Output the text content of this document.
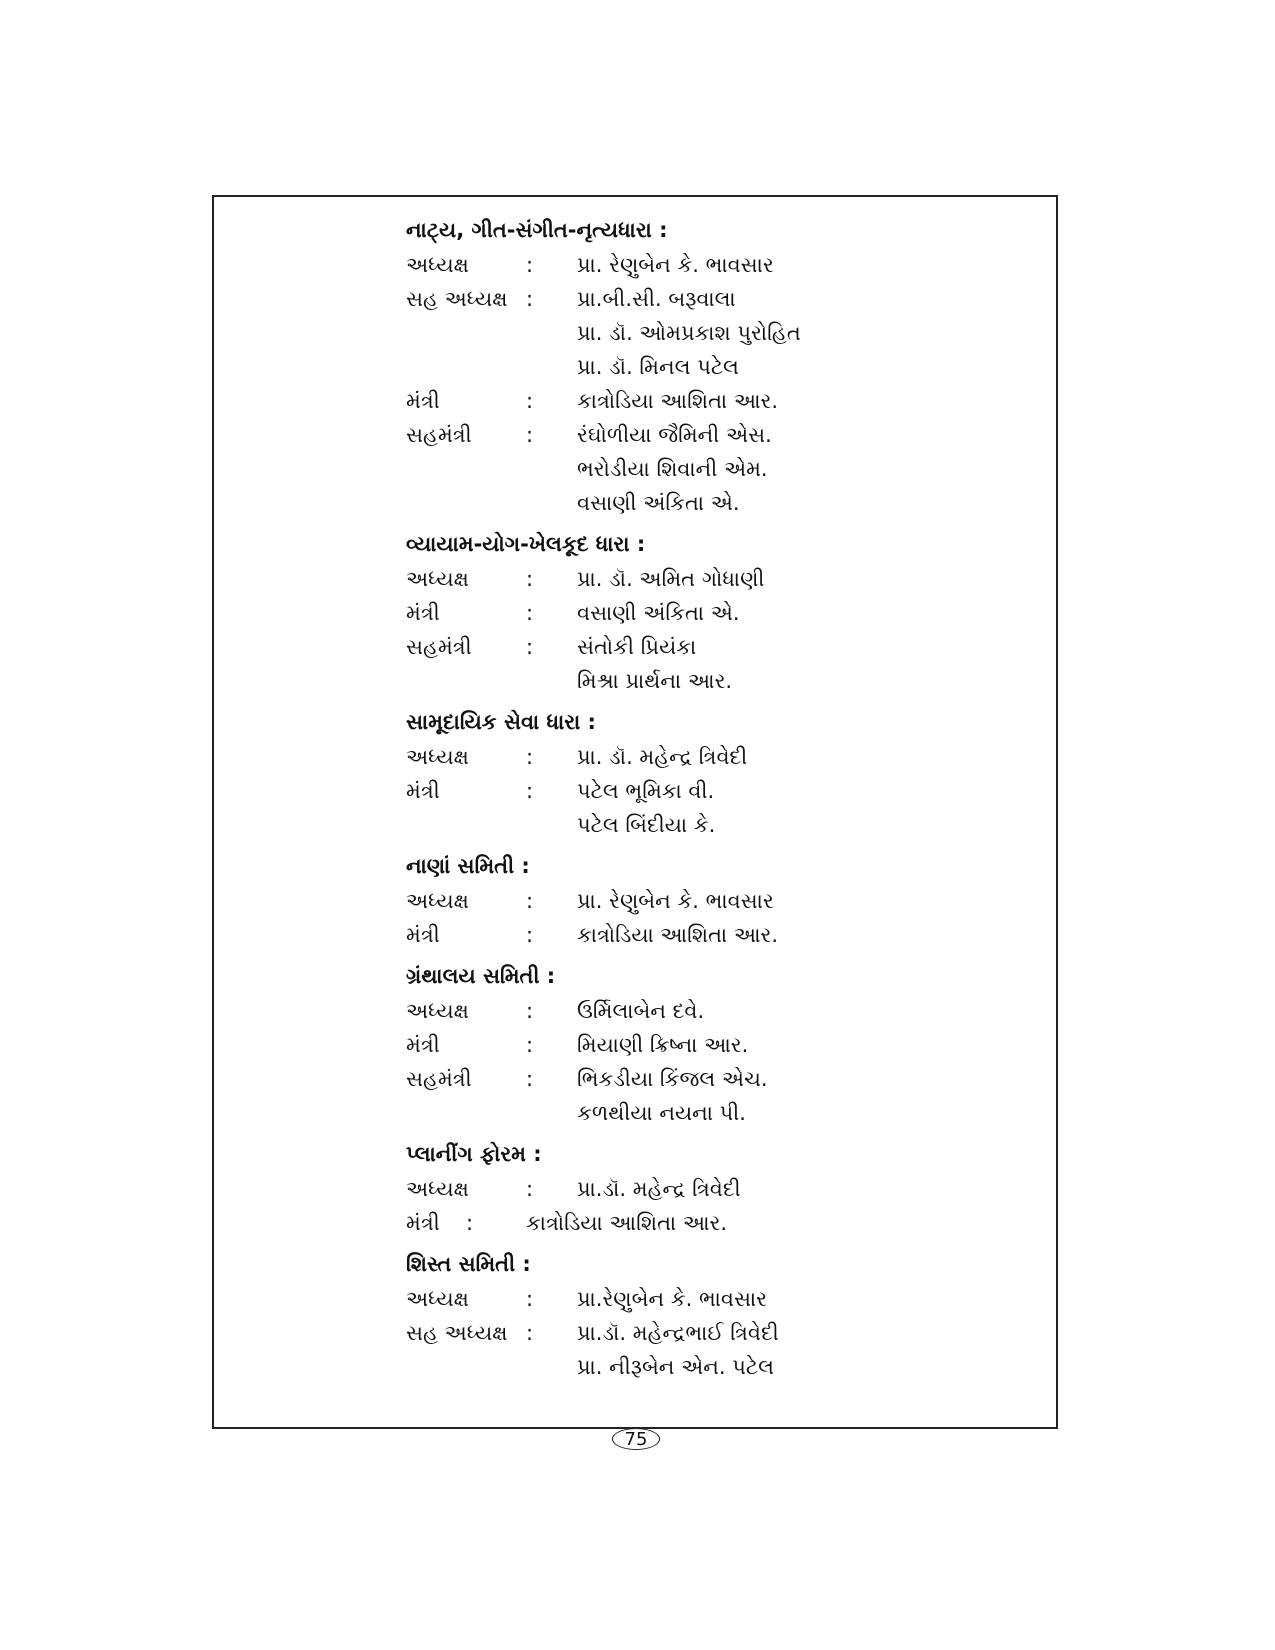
નાટ્ય, ગીત-સંગીત-નૃત્યધારા :
અધ્યક્ષ	: પ્રા. રેણુબેન કે. ભાવસાર
સહ અધ્યક્ષ : પ્રા.બી.સી. બરૂવાલા
પ્રા. ડૉ. ઓમપ્રકાશ પુરોહિત
પ્રા. ડૉ. મિનલ પટેલ
મંત્રી	: કાત્રોડિયા આશિતા આર.
સહમંત્રી	: રંઘોળીયા જૈમિની એસ.
ભરોડીયા શિવાની એમ.
વસાણી અંકિતા એ.
વ્યાયામ-યોગ-ખેલકૂદ ધારા :
અધ્યક્ષ	: પ્રા. ડૉ. અમિત ગોધાણી
મંત્રી	: વસાણી અંકિતા એ.
સહમંત્રી	: સંતોકી પ્રિયંકા
મિશ્રા પ્રાર્થના આર.
સામૂદાયિક સેવા ધારા :
અધ્યક્ષ	: પ્રા. ડૉ. મહેન્દ્ર ત્રિવેદી
મંત્રી	: પટેલ ભૂમિકા વી.
પટેલ બિંદીયા કે.
નાણાં સમિતી :
અધ્યક્ષ	: પ્રા. રેણુબેન કે. ભાવસાર
મંત્રી	: કાત્રોડિયા આશિતા આર.
ગ્રંથાલય સમિતી :
અધ્યક્ષ	: ઉર્મિલાબેન દવે.
મંત્રી	: મિયાણી ક્રિષ્ના આર.
સહમંત્રી	: ભિકડીયા કિંજલ એચ.
કળથીયા નયના પી.
પ્લાનીંગ ફોરમ :
અધ્યક્ષ	: પ્રા.ડૉ. મહેન્દ્ર ત્રિવેદી
મંત્રી :	કાત્રોડિયા આશિતા આર.
શિસ્ત સમિતી :
અધ્યક્ષ	: પ્રા.રેણુબેન કે. ભાવસાર
સહ અધ્યક્ષ : પ્રા.ડૉ. મહેન્દ્રભાઈ ત્રિવેદી
પ્રા. નીરૂબેન એન. પટેલ
75
